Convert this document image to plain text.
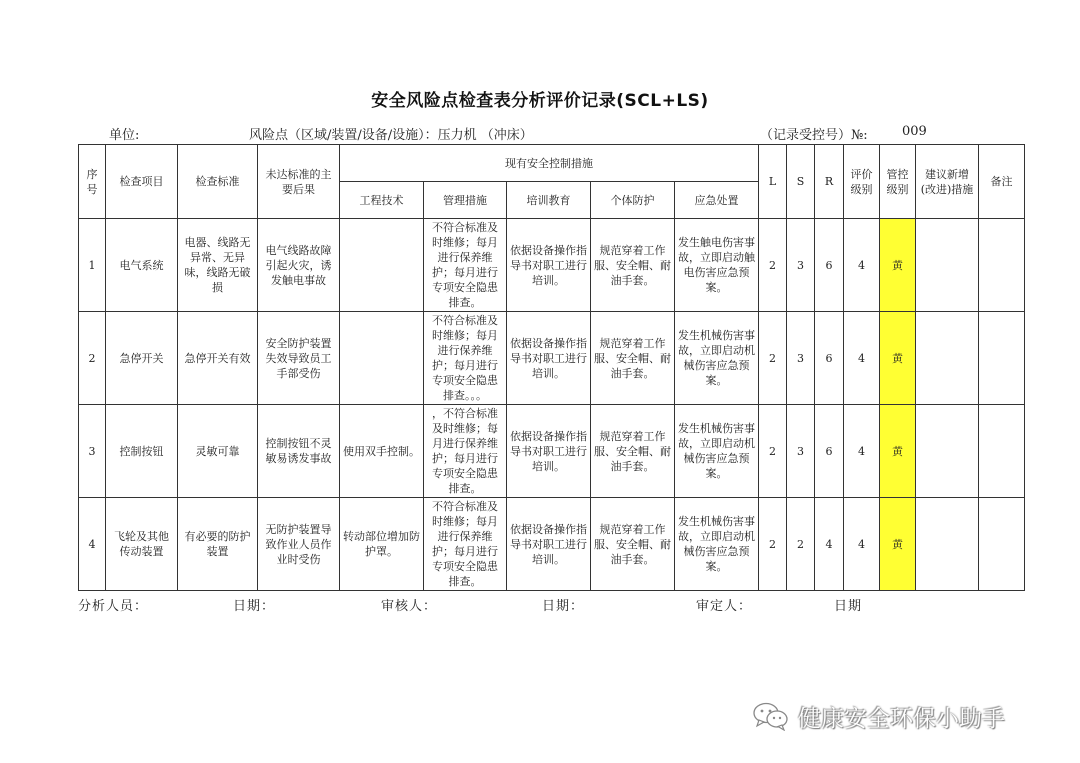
安全风险点检查表分析评价记录(SCL+LS)
单位:	风险点（区域/装置/设备/设施）：压力机 （冲床）	（记录受控号）№:	009
序号	检查项目	检查标准	未达标准的主要后果	现有安全控制措施					L	S	R	评价级别	管控级别	建议新增(改进)措施	备注
				工程技术	管理措施	培训教育	个体防护	应急处置							
1	电气系统	电器、线路无异常、无异味，线路无破损	电气线路故障引起火灾，诱发触电事故		不符合标准及时维修；每月进行保养维护；每月进行专项安全隐患排查。	依据设备操作指导书对职工进行培训。	规范穿着工作服、安全帽、耐油手套。	发生触电伤害事故，立即启动触电伤害应急预案。	2	3	6	4	黄		
2	急停开关	急停开关有效	安全防护装置失效导致员工手部受伤		不符合标准及时维修；每月进行保养维护；每月进行专项安全隐患排查。。。	依据设备操作指导书对职工进行培训。	规范穿着工作服、安全帽、耐油手套。	发生机械伤害事故，立即启动机械伤害应急预案。	2	3	6	4	黄		
3	控制按钮	灵敏可靠	控制按钮不灵敏易诱发事故	使用双手控制。	，不符合标准及时维修；每月进行保养维护；每月进行专项安全隐患排查。	依据设备操作指导书对职工进行培训。	规范穿着工作服、安全帽、耐油手套。	发生机械伤害事故，立即启动机械伤害应急预案。	2	3	6	4	黄		
4	飞轮及其他传动装置	有必要的防护装置	无防护装置导致作业人员作业时受伤	转动部位增加防护罩。	不符合标准及时维修；每月进行保养维护；每月进行专项安全隐患排查。	依据设备操作指导书对职工进行培训。	规范穿着工作服、安全帽、耐油手套。	发生机械伤害事故，立即启动机械伤害应急预案。	2	2	4	4	黄		
分析人员：	日期：	审核人：	日期：	审定人：	日期
健康安全环保小助手
